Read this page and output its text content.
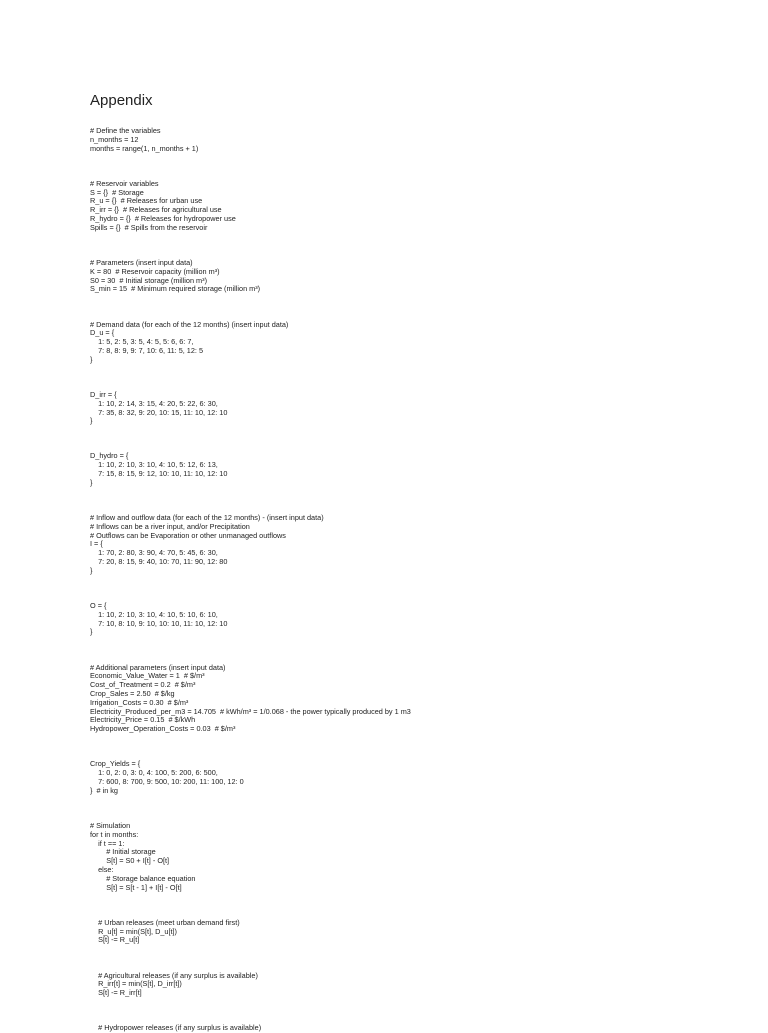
Appendix
# Define the variables
n_months = 12
months = range(1, n_months + 1)
# Reservoir variables
S = {}  # Storage
R_u = {}  # Releases for urban use
R_irr = {}  # Releases for agricultural use
R_hydro = {}  # Releases for hydropower use
Spills = {}  # Spills from the reservoir
# Parameters (insert input data)
K = 80  # Reservoir capacity (million m³)
S0 = 30  # Initial storage (million m³)
S_min = 15  # Minimum required storage (million m³)
# Demand data (for each of the 12 months) (insert input data)
D_u = {
1: 5, 2: 5, 3: 5, 4: 5, 5: 6, 6: 7,
7: 8, 8: 9, 9: 7, 10: 6, 11: 5, 12: 5
}
D_irr = {
1: 10, 2: 14, 3: 15, 4: 20, 5: 22, 6: 30,
7: 35, 8: 32, 9: 20, 10: 15, 11: 10, 12: 10
}
D_hydro = {
1: 10, 2: 10, 3: 10, 4: 10, 5: 12, 6: 13,
7: 15, 8: 15, 9: 12, 10: 10, 11: 10, 12: 10
}
# Inflow and outflow data (for each of the 12 months) - (insert input data)
# Inflows can be a river input, and/or Precipitation
# Outflows can be Evaporation or other unmanaged outflows
I = {
1: 70, 2: 80, 3: 90, 4: 70, 5: 45, 6: 30,
7: 20, 8: 15, 9: 40, 10: 70, 11: 90, 12: 80
}
O = {
1: 10, 2: 10, 3: 10, 4: 10, 5: 10, 6: 10,
7: 10, 8: 10, 9: 10, 10: 10, 11: 10, 12: 10
}
# Additional parameters (insert input data)
Economic_Value_Water = 1  # $/m³
Cost_of_Treatment = 0.2  # $/m³
Crop_Sales = 2.50  # $/kg
Irrigation_Costs = 0.30  # $/m³
Electricity_Produced_per_m3 = 14.705  # kWh/m³ = 1/0.068 - the power typically produced by 1 m3
Electricity_Price = 0.15  # $/kWh
Hydropower_Operation_Costs = 0.03  # $/m³
Crop_Yields = {
1: 0, 2: 0, 3: 0, 4: 100, 5: 200, 6: 500,
7: 600, 8: 700, 9: 500, 10: 200, 11: 100, 12: 0
}  # in kg
# Simulation
for t in months:
if t == 1:
# Initial storage
S[t] = S0 + I[t] - O[t]
else:
# Storage balance equation
S[t] = S[t - 1] + I[t] - O[t]
# Urban releases (meet urban demand first)
R_u[t] = min(S[t], D_u[t])
S[t] -= R_u[t]
# Agricultural releases (if any surplus is available)
R_irr[t] = min(S[t], D_irr[t])
S[t] -= R_irr[t]
# Hydropower releases (if any surplus is available)
